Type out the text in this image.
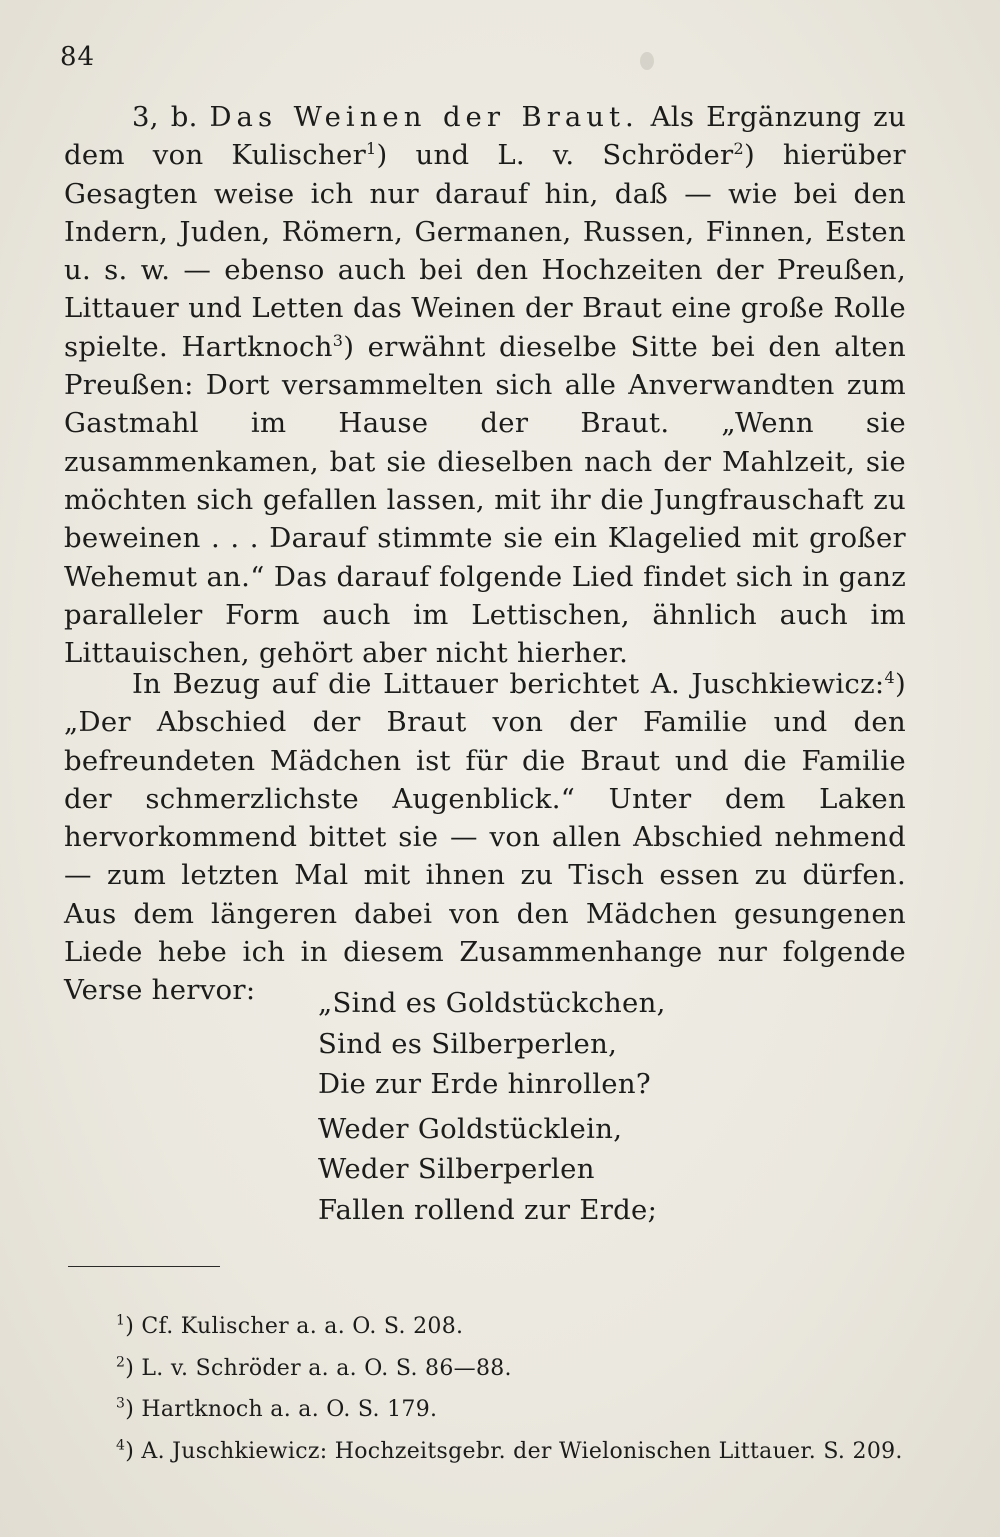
84
3, b. Das Weinen der Braut. Als Ergänzung zu dem von Kulischer$^1$) und L. v. Schröder$^2$) hierüber Gesagten weise ich nur darauf hin, daß — wie bei den Indern, Juden, Römern, Germanen, Russen, Finnen, Esten u. s. w. — ebenso auch bei den Hochzeiten der Preußen, Littauer und Letten das Weinen der Braut eine große Rolle spielte. Hartknoch$^3$) erwähnt dieselbe Sitte bei den alten Preußen: Dort versammelten sich alle Anverwandten zum Gastmahl im Hause der Braut. „Wenn sie zusammenkamen, bat sie dieselben nach der Mahlzeit, sie möchten sich gefallen lassen, mit ihr die Jungfrauschaft zu beweinen . . . Darauf stimmte sie ein Klagelied mit großer Wehemut an.“ Das darauf folgende Lied findet sich in ganz paralleler Form auch im Lettischen, ähnlich auch im Littauischen, gehört aber nicht hierher.
In Bezug auf die Littauer berichtet A. Juschkiewicz:$^4$) „Der Abschied der Braut von der Familie und den befreundeten Mädchen ist für die Braut und die Familie der schmerzlichste Augenblick.“ Unter dem Laken hervorkommend bittet sie — von allen Abschied nehmend — zum letzten Mal mit ihnen zu Tisch essen zu dürfen. Aus dem längeren dabei von den Mädchen gesungenen Liede hebe ich in diesem Zusammenhange nur folgende Verse hervor:	„Sind es Goldstückchen,
Sind es Silberperlen,
Die zur Erde hinrollen?
Weder Goldstücklein,
Weder Silberperlen
Fallen rollend zur Erde;
$^1$) Cf. Kulischer a. a. O. S. 208.
$^2$) L. v. Schröder a. a. O. S. 86—88.
$^3$) Hartknoch a. a. O. S. 179.
$^4$) A. Juschkiewicz: Hochzeitsgebr. der Wielonischen Littauer. S. 209.
